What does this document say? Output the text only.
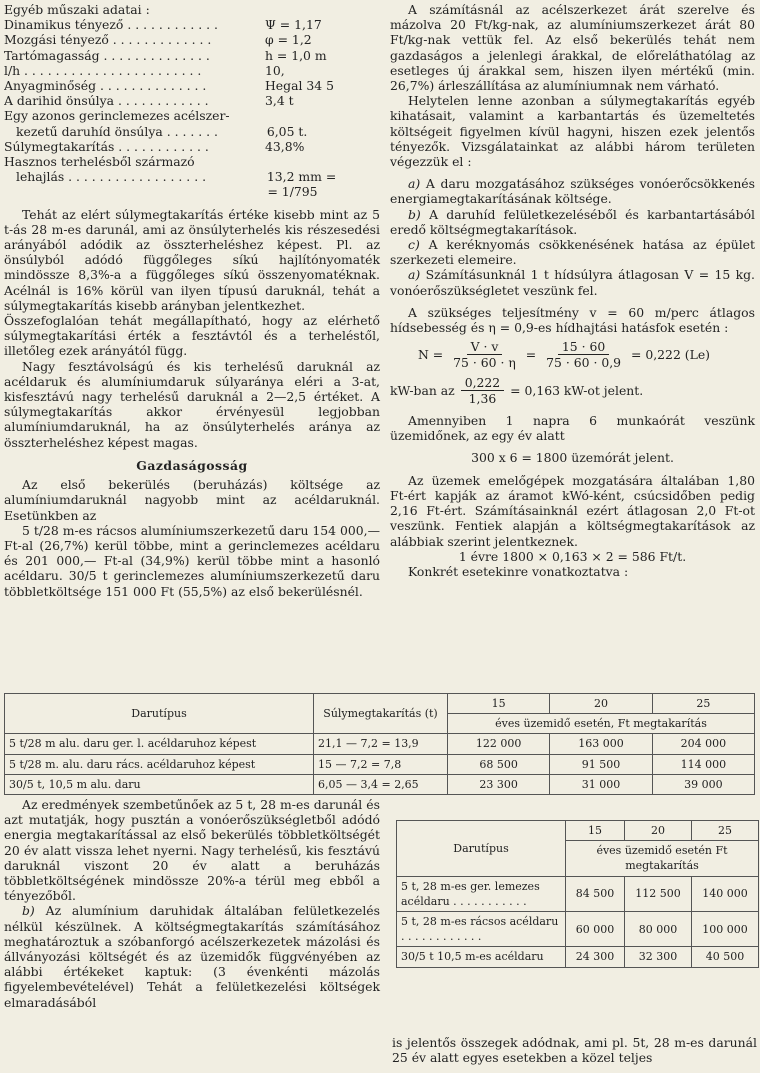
Egyéb műszaki adatai :

Dinamikus tényező . . . . . . . . . . . .	Ψ = 1,17
Mozgási tényező . . . . . . . . . . . . .	φ = 1,2
Tartómagasság . . . . . . . . . . . . . .	h = 1,0 m
l/h . . . . . . . . . . . . . . . . . . . . . . .	10,
Anyagminőség . . . . . . . . . . . . . .	Hegal 34 5
A darihid önsúlya . . . . . . . . . . . .	3,4 t
Egy azonos gerinclemezes acélszer-
kezetű daruhíd önsúlya . . . . . . .	6,05 t.
Súlymegtakarítás . . . . . . . . . . . .	43,8%
Hasznos terhelésből származó
lehajlás . . . . . . . . . . . . . . . . . .	13,2 mm =
= 1/795

Tehát az elért súlymegtakarítás értéke kisebb mint az 5 t-ás 28 m-es darunál, ami az önsúlyterhelés kis részesedési arányából adódik az összterheléshez képest. Pl. az önsúlyból adódó függőleges síkú hajlítónyomaték mindössze 8,3%-a a függőleges síkú összenyomatéknak. Acélnál is 16% körül van ilyen típusú daruknál, tehát a súlymegtakarítás kisebb arányban jelentkezhet.

Összefoglalóan tehát megállapítható, hogy az elérhető súlymegtakarítási érték a fesztávtól és a terheléstől, illetőleg ezek arányától függ.

Nagy fesztávolságú és kis terhelésű daruknál az acéldaruk és alumíniumdaruk súlyaránya eléri a 3-at, kisfesztávú nagy terhelésű daruknál a 2—2,5 értéket. A súlymegtakarítás akkor érvényesül legjobban alumíniumdaruknál, ha az önsúlyterhelés aránya az összterheléshez képest magas.

Gazdaságosság

Az első bekerülés (beruházás) költsége az alumíniumdaruknál nagyobb mint az acéldaruknál. Esetünkben az

5 t/28 m-es rácsos alumíniumszerkezetű daru 154 000,— Ft-al (26,7%) kerül többe, mint a gerinclemezes acéldaru és 201 000,— Ft-al (34,9%) kerül többe mint a hasonló acéldaru. 30/5 t gerinclemezes alumíniumszerkezetű daru többletköltsége 151 000 Ft (55,5%) az első bekerülésnél.

A számításnál az acélszerkezet árát szerelve és mázolva 20 Ft/kg-nak, az alumíniumszerkezet árát 80 Ft/kg-nak vettük fel. Az első bekerülés tehát nem gazdaságos a jelenlegi árakkal, de előreláthatólag az esetleges új árakkal sem, hiszen ilyen mértékű (min. 26,7%) árleszállítása az alumíniumnak nem várható.

Helytelen lenne azonban a súlymegtakarítás egyéb kihatásait, valamint a karbantartás és üzemeltetés költségeit figyelmen kívül hagyni, hiszen ezek jelentős tényezők. Vizsgálatainkat az alábbi három területen végezzük el :

a) A daru mozgatásához szükséges vonóerőcsökkenés energiamegtakarításának költsége.

b) A daruhíd felületkezeléséből és karbantartásából eredő költségmegtakarítások.

c) A keréknyomás csökkenésének hatása az épület szerkezeti elemeire.

a) Számításunknál 1 t hídsúlyra átlagosan V = 15 kg. vonóerőszükségletet veszünk fel.

A szükséges teljesítmény v = 60 m/perc átlagos hídsebesség és η = 0,9-es hídhajtási hatásfok esetén :

$N = \frac{V \cdot v}{75 \cdot 60 \cdot \eta} = \frac{15 \cdot 60}{75 \cdot 60 \cdot 0,9} = 0,222$ (Le)
kW-ban az $\frac{0,222}{1,36} = 0,163$ kW-ot jelent.

Amennyiben 1 napra 6 munkaórát veszünk üzemidőnek, az egy év alatt

300 x 6 = 1800 üzemórát jelent.

Az üzemek emelőgépek mozgatására általában 1,80 Ft-ért kapják az áramot kWó-ként, csúcsidőben pedig 2,16 Ft-ért. Számításainknál ezért átlagosan 2,0 Ft-ot veszünk. Fentiek alapján a költségmegtakarítások az alábbiak szerint jelentkeznek.

1 évre 1800 × 0,163 × 2 = 586 Ft/t.

Konkrét esetekinre vonatkoztatva :

Darutípus	Súlymegtakarítás (t)	15	20	25
		éves üzemidő esetén, Ft megtakarítás		
5 t/28 m alu. daru ger. l. acéldaruhoz képest	21,1 — 7,2 = 13,9	122 000	163 000	204 000
5 t/28 m. alu. daru rács. acéldaruhoz képest	15 — 7,2 = 7,8	68 500	91 500	114 000
30/5 t, 10,5 m alu. daru	6,05 — 3,4 = 2,65	23 300	31 000	39 000

Az eredmények szembetűnőek az 5 t, 28 m-es darunál és azt mutatják, hogy pusztán a vonóerőszükségletből adódó energia megtakarítással az első bekerülés többletköltségét 20 év alatt vissza lehet nyerni. Nagy terhelésű, kis fesztávú daruknál viszont 20 év alatt a beruházás többletköltségének mindössze 20%-a térül meg ebből a tényezőből.

b) Az alumínium daruhidak általában felületkezelés nélkül készülnek. A költségmegtakarítás számításához meghatároztuk a szóbanforgó acélszerkezetek mázolási és állványozási költségét és az üzemidők függvényében az alábbi értékeket kaptuk: (3 évenkénti mázolás figyelembevételével) Tehát a felületkezelési költségek elmaradásából

Darutípus	15	20	25
	éves üzemidő esetén Ft megtakarítás		
5 t, 28 m-es ger. lemezes acéldaru . . . . . . . . . . .	84 500	112 500	140 000
5 t, 28 m-es rácsos acéldaru . . . . . . . . . . . .	60 000	80 000	100 000
30/5 t 10,5 m-es acéldaru	24 300	32 300	40 500

is jelentős összegek adódnak, ami pl. 5t, 28 m-es darunál 25 év alatt egyes esetekben a közel teljes
